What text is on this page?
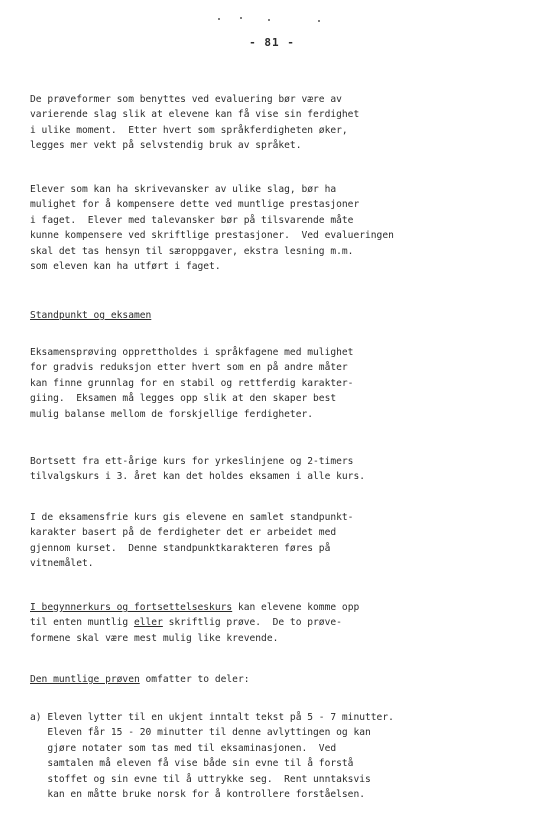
- 81 -
De prøveformer som benyttes ved evaluering bør være av
varierende slag slik at elevene kan få vise sin ferdighet
i ulike moment.  Etter hvert som språkferdigheten øker,
legges mer vekt på selvstendig bruk av språket.
Elever som kan ha skrivevansker av ulike slag, bør ha
mulighet for å kompensere dette ved muntlige prestasjoner
i faget.  Elever med talevansker bør på tilsvarende måte
kunne kompensere ved skriftlige prestasjoner.  Ved evalueringen
skal det tas hensyn til særoppgaver, ekstra lesning m.m.
som eleven kan ha utført i faget.
Standpunkt og eksamen
Eksamensprøving opprettholdes i språkfagene med mulighet
for gradvis reduksjon etter hvert som en på andre måter
kan finne grunnlag for en stabil og rettferdig karakter-
giing.  Eksamen må legges opp slik at den skaper best
mulig balanse mellom de forskjellige ferdigheter.
Bortsett fra ett-årige kurs for yrkeslinjene og 2-timers
tilvalgskurs i 3. året kan det holdes eksamen i alle kurs.
I de eksamensfrie kurs gis elevene en samlet standpunkt-
karakter basert på de ferdigheter det er arbeidet med
gjennom kurset.  Denne standpunktkarakteren føres på
vitnemålet.
I begynnerkurs og fortsettelseskurs kan elevene komme opp
til enten muntlig eller skriftlig prøve.  De to prøve-
formene skal være mest mulig like krevende.
Den muntlige prøven omfatter to deler:
a) Eleven lytter til en ukjent inntalt tekst på 5 - 7 minutter.
Eleven får 15 - 20 minutter til denne avlyttingen og kan
gjøre notater som tas med til eksaminasjonen.  Ved
samtalen må eleven få vise både sin evne til å forstå
stoffet og sin evne til å uttrykke seg.  Rent unntaksvis
kan en måtte bruke norsk for å kontrollere forståelsen.
